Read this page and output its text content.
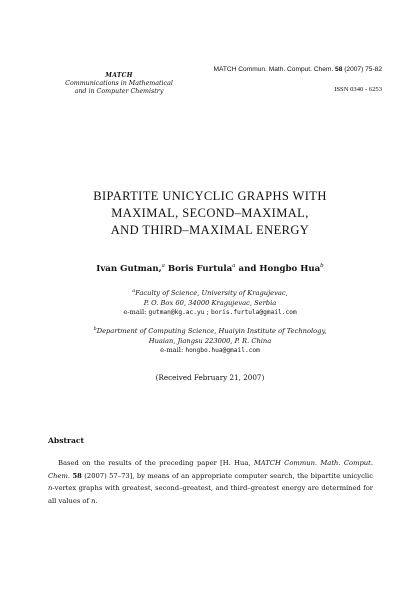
MATCH
Communications in Mathematical
and in Computer Chemistry
MATCH Commun. Math. Comput. Chem. 58 (2007) 75-82
ISSN 0340 - 6253
BIPARTITE UNICYCLIC GRAPHS WITH
MAXIMAL, SECOND–MAXIMAL,
AND THIRD–MAXIMAL ENERGY
Ivan Gutman,$^a$ Boris Furtula$^a$ and Hongbo Hua$^b$
$^a$Faculty of Science, University of Kragujevac,
P. O. Box 60, 34000 Kragujevac, Serbia
e-mail: gutman@kg.ac.yu ; boris.furtula@gmail.com
$^b$Department of Computing Science, Huaiyin Institute of Technology,
Huaian, Jiangsu 223000, P. R. China
e-mail: hongbo.hua@gmail.com
(Received February 21, 2007)
Abstract
Based on the results of the preceding paper [H. Hua, MATCH Commun. Math. Comput. Chem. 58 (2007) 57–73], by means of an appropriate computer search, the bipartite unicyclic n-vertex graphs with greatest, second–greatest, and third–greatest energy are determined for all values of n.
